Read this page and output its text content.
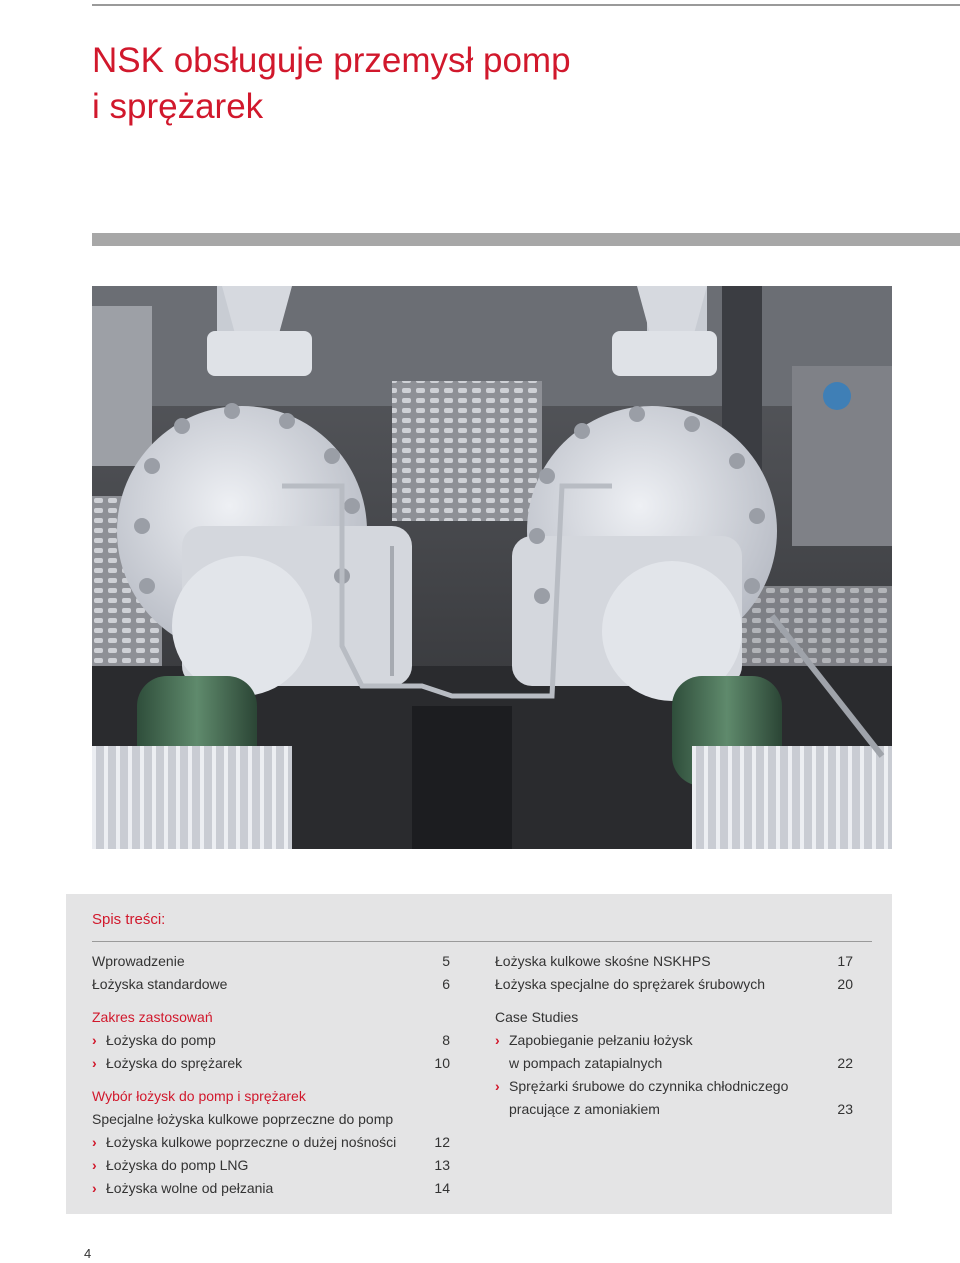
NSK obsługuje przemysł pomp
i sprężarek
Spis treści:
Wprowadzenie	5
Łożyska standardowe	6
Zakres zastosowań
› Łożyska do pomp	8
› Łożyska do sprężarek	10
Wybór łożysk do pomp i sprężarek
Specjalne łożyska kulkowe poprzeczne do pomp
› Łożyska kulkowe poprzeczne o dużej nośności	12
› Łożyska do pomp LNG	13
› Łożyska wolne od pełzania	14
Łożyska kulkowe skośne NSKHPS	17
Łożyska specjalne do sprężarek śrubowych	20
Case Studies
› Zapobieganie pełzaniu łożysk
w pompach zatapialnych	22
› Sprężarki śrubowe do czynnika chłodniczego
pracujące z amoniakiem	23
4
